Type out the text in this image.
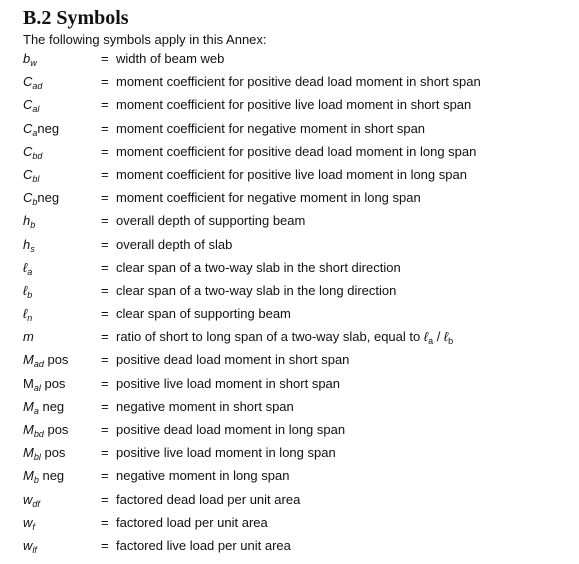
B.2 Symbols

The following symbols apply in this Annex:

$b_w$	= width of beam web
$C_{ad}$	= moment coefficient for positive dead load moment in short span
$C_{al}$	= moment coefficient for positive live load moment in short span
$C_aneg$	= moment coefficient for negative moment in short span
$C_{bd}$	= moment coefficient for positive dead load moment in long span
$C_{bl}$	= moment coefficient for positive live load moment in long span
$C_bneg$	= moment coefficient for negative moment in long span
$h_b$	= overall depth of supporting beam
$h_s$	= overall depth of slab
ℓ$_a$	= clear span of a two-way slab in the short direction
ℓ$_b$	= clear span of a two-way slab in the long direction
ℓ$_n$	= clear span of supporting beam
m	= ratio of short to long span of a two-way slab, equal to ℓ$_a$ / ℓ$_b$
$M_{ad}$ pos	= positive dead load moment in short span
$M_{al}$ pos	= positive live load moment in short span
$M_a$ neg	= negative moment in short span
$M_{bd}$ pos	= positive dead load moment in long span
$M_{bl}$ pos	= positive live load moment in long span
$M_b$ neg	= negative moment in long span
$w_{df}$	= factored dead load per unit area
$w_f$	= factored load per unit area
$w_{lf}$	= factored live load per unit area
